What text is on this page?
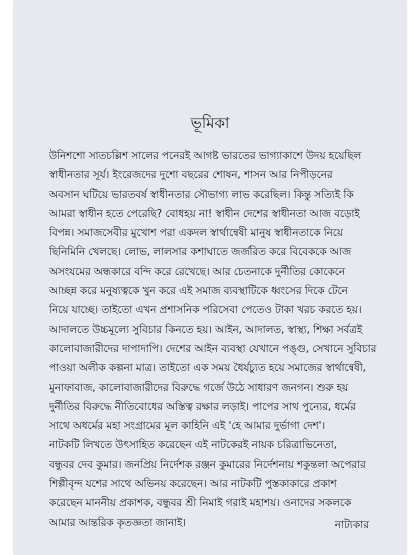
ভূমিকা

উনিশশো সাতচল্লিশ সালের পনেরই আগষ্ট ভারতের ভাগ্যাকাশে উদয় হয়েছিল

স্বাধীনতার সূর্য। ইংরেজদের দুশো বছরের শোষন, শাসন আর নিপীড়নের

অবসান ঘটিয়ে ভারতবর্ষ স্বাধীনতার সৌভাগ্য লাভ করেছিল। কিন্তু সত্যিই কি

আমরা স্বাধীন হতে পেরেছি? বোধহয় না! স্বাধীন দেশের স্বাধীনতা আজ বড়োই

বিপন্ন। সমাজসেবীর মুখোশ পরা একদল স্বার্থান্বেষী মানুষ স্বাধীনতাকে নিয়ে

ছিনিমিনি খেলছে। লোভ, লালসার কশাঘাতে জর্জরিত করে বিবেককে আজ

অসংযমের অন্ধকারে বন্দি করে রেখেছে। আর চেতনাকে দুর্নীতির কোকেনে

আচ্ছন্ন করে মনুষ্যত্বকে খুন করে এই সমাজ ব্যবস্থাটিকে ধ্বংসের দিকে টেনে

নিয়ে যাচ্ছে। তাইতো এখন প্রশাসনিক পরিসেবা পেতেও টাকা খরচ করতে হয়।

আদালতে উচ্চমূল্যে সুবিচার কিনতে হয়। আইন, আদালত, স্বাস্থ্য, শিক্ষা সর্বত্রই

কালোবাজারীদের দাপাদাপি। দেশের আইন ব্যবস্থা যেখানে পঙ্গু, সেখানে সুবিচার

পাওয়া অলীক কল্পনা মাত্র। তাইতো এক সময় ধৈর্যচ্যুত হয়ে সমাজের স্বার্থান্বেষী,

মুনাফাবাজ, কালোবাজারীদের বিরুদ্ধে গর্জে উঠে সাধারণ জনগন। শুরু হয়

দুর্নীতির বিরুদ্ধে নীতিবোধের অস্তিত্ব রক্ষার লড়াই। পাপের সাথ পুন্যের, ধর্মের

সাথে অধর্মের মহা সংগ্রামের মূল কাহিনি এই 'হে আমার দুর্ভাগা দেশ'।

নাটকটি লিখতে উৎসাহিত করেছেন এই নাটকেরই নায়ক চরিত্রাভিনেতা,

বন্ধুবর দেব কুমার। জনপ্রিয় নির্দেশক রঞ্জন কুমারের নির্দেশনায় শকুন্তলা অপেরার

শিল্পীবৃন্দ যশের সাথে অভিনয় করেছেন। আর নাটকটি পুস্তকাকারে প্রকাশ

করেছেন মাননীয় প্রকাশক, বন্ধুবর শ্রী নিমাই গরাই মহাশয়। ওনাদের সকলকে

আমার আন্তরিক কৃতজ্ঞতা জানাই।	নাট্যকার
